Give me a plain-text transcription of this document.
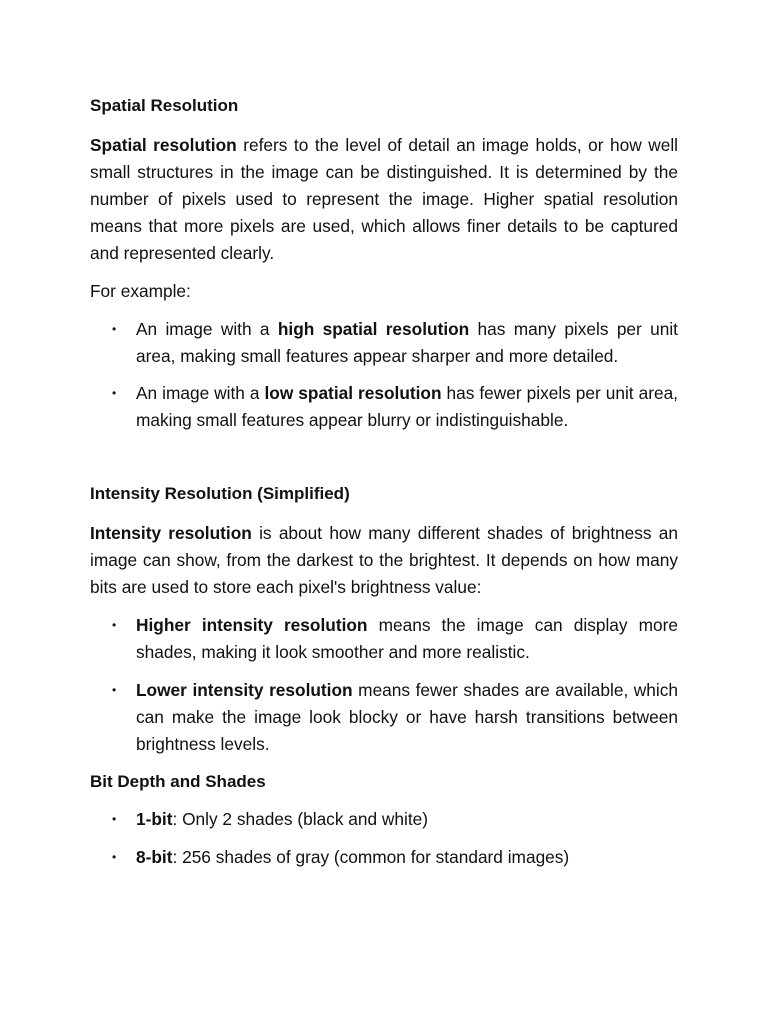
Spatial Resolution

Spatial resolution refers to the level of detail an image holds, or how well small structures in the image can be distinguished. It is determined by the number of pixels used to represent the image. Higher spatial resolution means that more pixels are used, which allows finer details to be captured and represented clearly.

For example:

• An image with a high spatial resolution has many pixels per unit area, making small features appear sharper and more detailed.
• An image with a low spatial resolution has fewer pixels per unit area, making small features appear blurry or indistinguishable.
Intensity Resolution (Simplified)

Intensity resolution is about how many different shades of brightness an image can show, from the darkest to the brightest. It depends on how many bits are used to store each pixel's brightness value:

• Higher intensity resolution means the image can display more shades, making it look smoother and more realistic.
• Lower intensity resolution means fewer shades are available, which can make the image look blocky or have harsh transitions between brightness levels.
Bit Depth and Shades
• 1-bit: Only 2 shades (black and white)
• 8-bit: 256 shades of gray (common for standard images)
